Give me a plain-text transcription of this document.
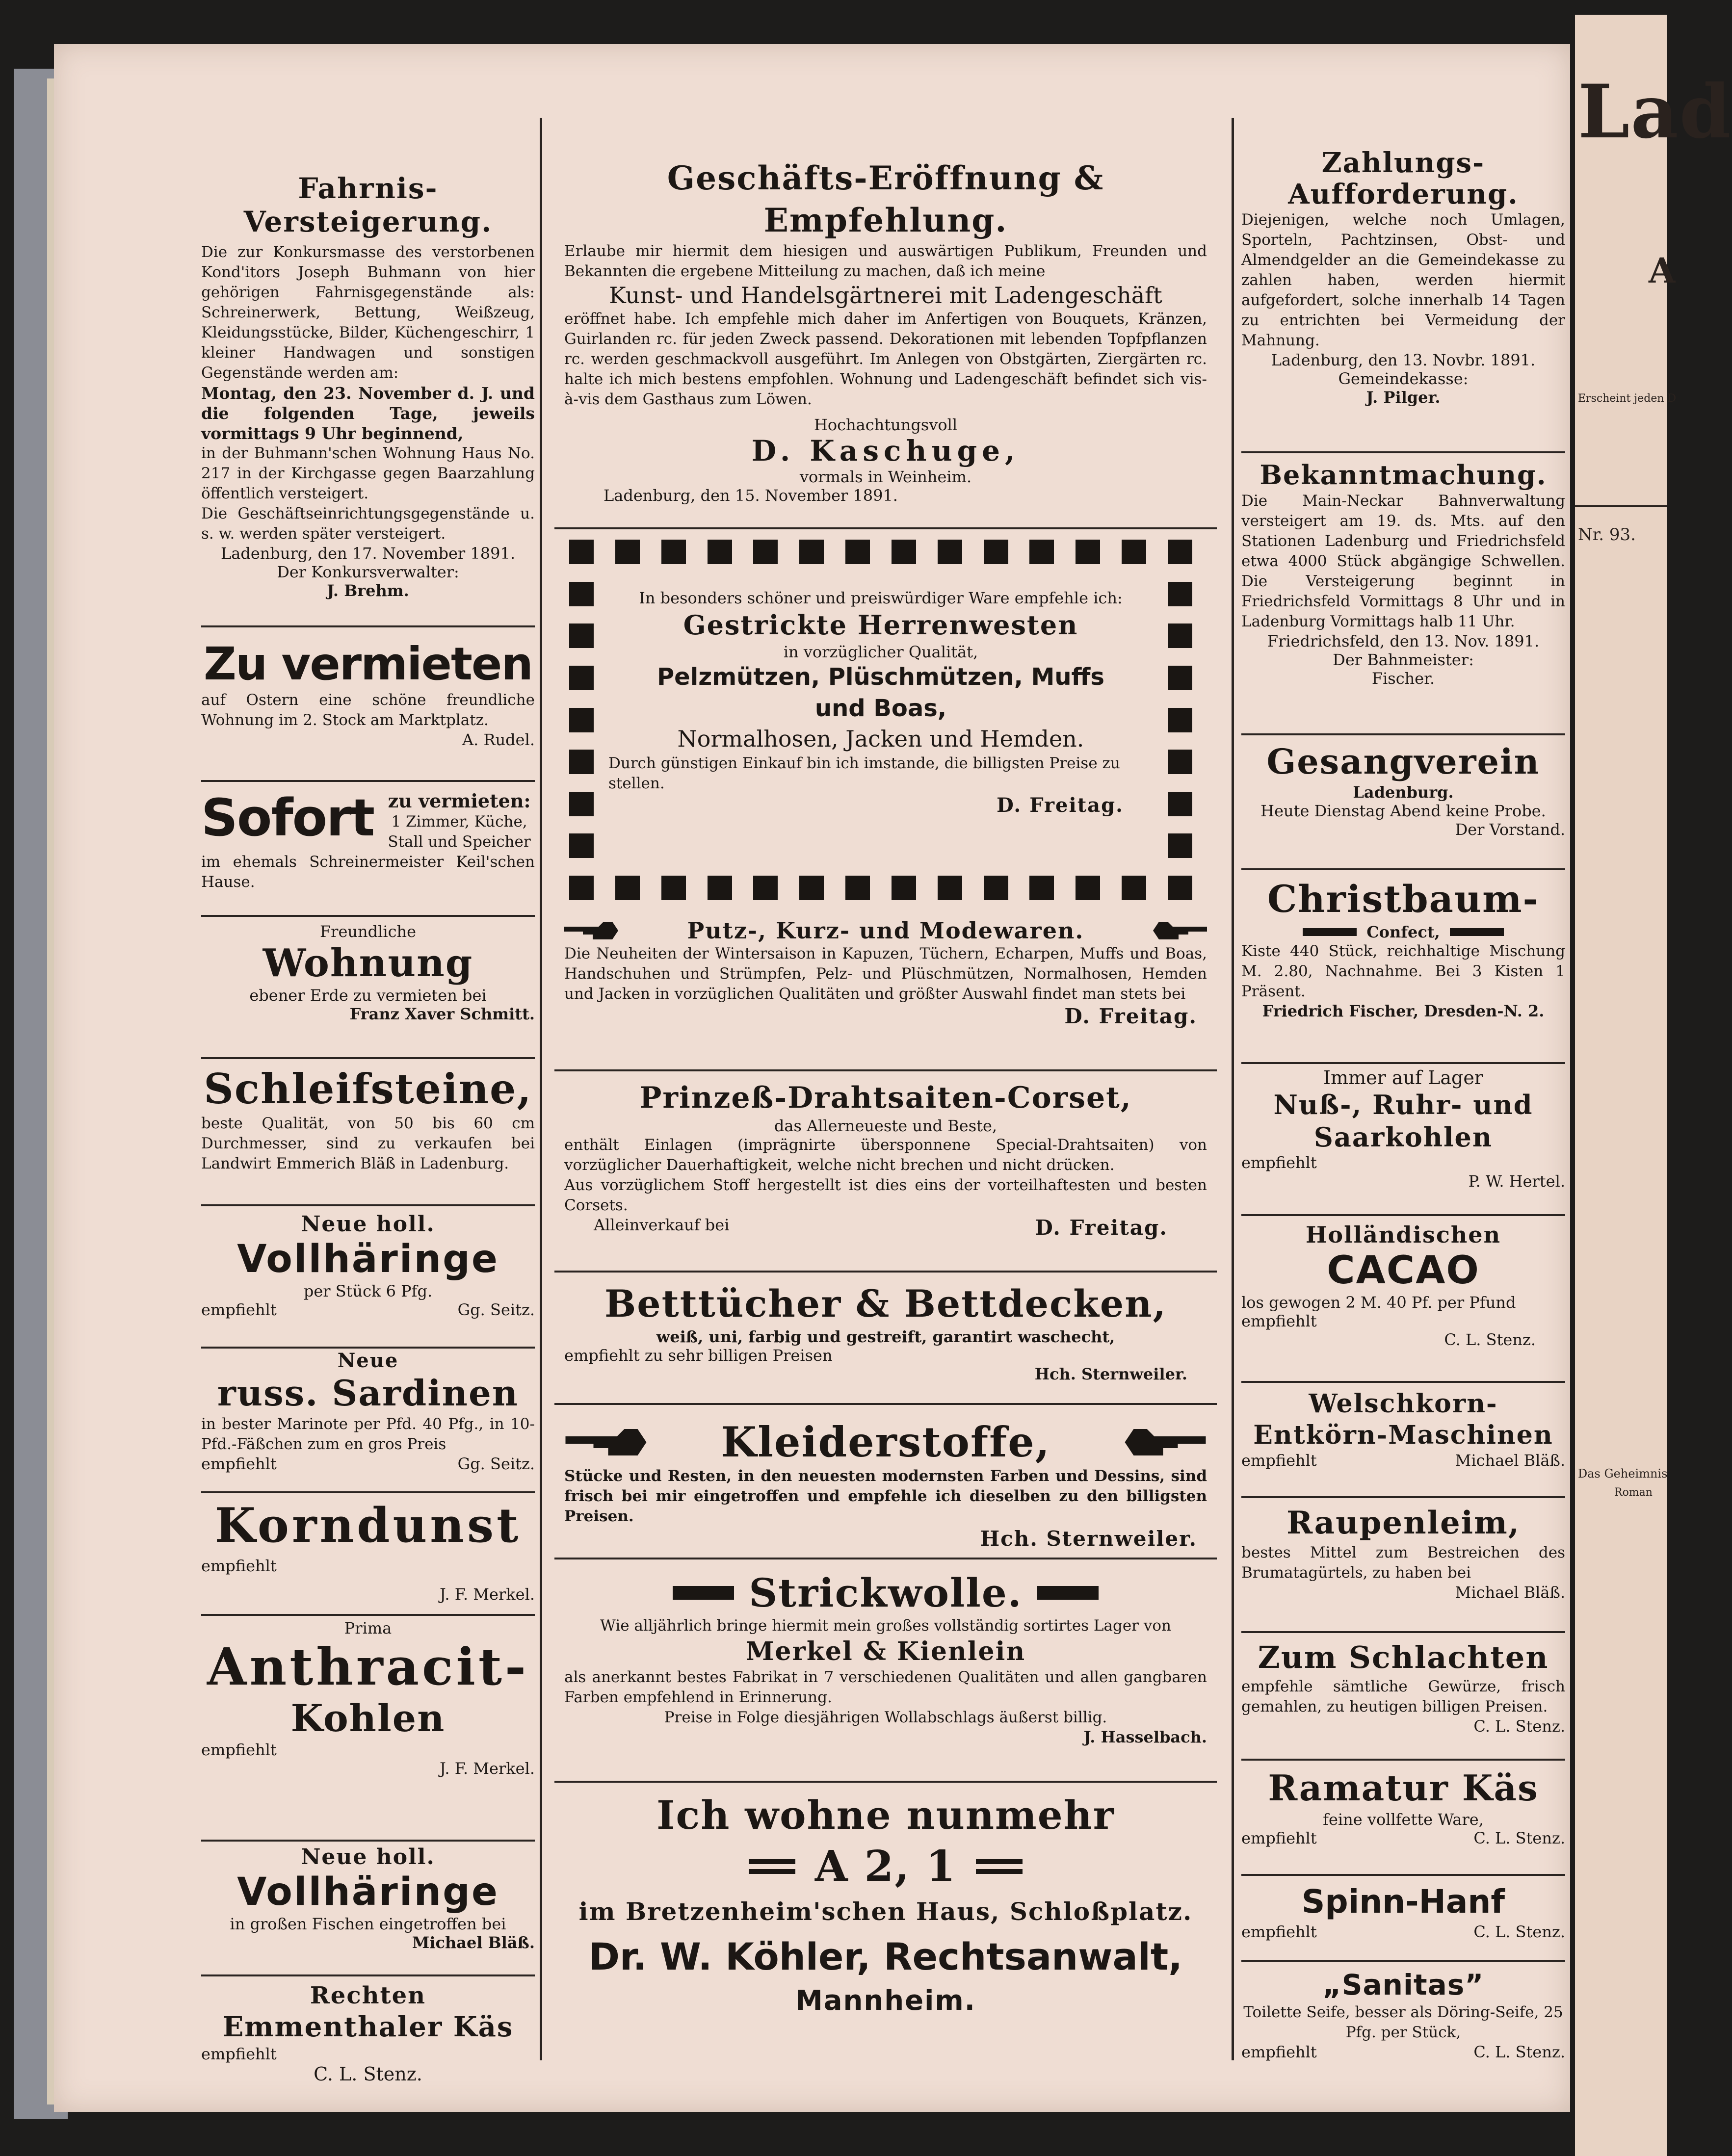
Fahrnis-Versteigerung.

Die zur Konkursmasse des verstorbenen Kond'itors Joseph Buhmann von hier gehörigen Fahrnisgegenstände als: Schreinerwerk, Bettung, Weißzeug, Kleidungsstücke, Bilder, Küchengeschirr, 1 kleiner Handwagen und sonstigen Gegenstände werden am:

Montag, den 23. November d. J. und die folgenden Tage, jeweils vormittags 9 Uhr beginnend,

in der Buhmann'schen Wohnung Haus No. 217 in der Kirchgasse gegen Baarzahlung öffentlich versteigert.

Die Geschäftseinrichtungsgegenstände u. s. w. werden später versteigert.

Ladenburg, den 17. November 1891.

Der Konkursverwalter:

J. Brehm.

Zu vermieten

auf Ostern eine schöne freundliche Wohnung im 2. Stock am Marktplatz.

A. Rudel.

Sofort zu vermieten:

1 Zimmer, Küche, Stall und Speicher

im ehemals Schreinermeister Keil'schen Hause.

Freundliche

Wohnung

ebener Erde zu vermieten bei

Franz Xaver Schmitt.

Schleifsteine,

beste Qualität, von 50 bis 60 cm Durchmesser, sind zu verkaufen bei Landwirt Emmerich Bläß in Ladenburg.

Neue holl.

Vollhäringe

per Stück 6 Pfg.

empfiehlt	Gg. Seitz.

Neue

russ. Sardinen

in bester Marinote per Pfd. 40 Pfg., in 10-Pfd.-Fäßchen zum en gros Preis

empfiehlt	Gg. Seitz.
Korndunst

empfiehlt

J. F. Merkel.

Prima

Anthracit-
Kohlen

empfiehlt

J. F. Merkel.

Neue holl.

Vollhäringe

in großen Fischen eingetroffen bei

Michael Bläß.

Rechten

Emmenthaler Käs

empfiehlt

C. L. Stenz.

Geschäfts-Eröffnung & Empfehlung.

Erlaube mir hiermit dem hiesigen und auswärtigen Publikum, Freunden und Bekannten die ergebene Mitteilung zu machen, daß ich meine

Kunst- und Handelsgärtnerei mit Ladengeschäft

eröffnet habe. Ich empfehle mich daher im Anfertigen von Bouquets, Kränzen, Guirlanden rc. für jeden Zweck passend. Dekorationen mit lebenden Topfpflanzen rc. werden geschmackvoll ausgeführt. Im Anlegen von Obstgärten, Ziergärten rc. halte ich mich bestens empfohlen. Wohnung und Ladengeschäft befindet sich vis-à-vis dem Gasthaus zum Löwen.

Hochachtungsvoll

D. Kaschuge,

vormals in Weinheim.

Ladenburg, den 15. November 1891.

In besonders schöner und preiswürdiger Ware empfehle ich:

Gestrickte Herrenwesten

in vorzüglicher Qualität,

Pelzmützen, Plüschmützen, Muffs

und Boas,

Normalhosen, Jacken und Hemden.

Durch günstigen Einkauf bin ich imstande, die billigsten Preise zu stellen.

D. Freitag.

Putz-, Kurz- und Modewaren.

Die Neuheiten der Wintersaison in Kapuzen, Tüchern, Echarpen, Muffs und Boas, Handschuhen und Strümpfen, Pelz- und Plüschmützen, Normalhosen, Hemden und Jacken in vorzüglichen Qualitäten und größter Auswahl findet man stets bei

D. Freitag.

Prinzeß-Drahtsaiten-Corset,

das Allerneueste und Beste,

enthält Einlagen (imprägnirte übersponnene Special-Drahtsaiten) von vorzüglicher Dauerhaftigkeit, welche nicht brechen und nicht drücken.

Aus vorzüglichem Stoff hergestellt ist dies eins der vorteilhaftesten und besten Corsets.

Alleinverkauf bei	D. Freitag.
Betttücher & Bettdecken,

weiß, uni, farbig und gestreift, garantirt waschecht,

empfiehlt zu sehr billigen Preisen

Hch. Sternweiler.

Kleiderstoffe,

Stücke und Resten, in den neuesten modernsten Farben und Dessins, sind frisch bei mir eingetroffen und empfehle ich dieselben zu den billigsten Preisen.

Hch. Sternweiler.

Strickwolle.

Wie alljährlich bringe hiermit mein großes vollständig sortirtes Lager von

Merkel & Kienlein

als anerkannt bestes Fabrikat in 7 verschiedenen Qualitäten und allen gangbaren Farben empfehlend in Erinnerung.

Preise in Folge diesjährigen Wollabschlags äußerst billig.

J. Hasselbach.

Ich wohne nunmehr
A 2, 1
im Bretzenheim'schen Haus, Schloßplatz.
Dr. W. Köhler, Rechtsanwalt,
Mannheim.
Zahlungs-
Aufforderung.

Diejenigen, welche noch Umlagen, Sporteln, Pachtzinsen, Obst- und Almendgelder an die Gemeindekasse zu zahlen haben, werden hiermit aufgefordert, solche innerhalb 14 Tagen zu entrichten bei Vermeidung der Mahnung.

Ladenburg, den 13. Novbr. 1891.

Gemeindekasse:

J. Pilger.

Bekanntmachung.

Die Main-Neckar Bahnverwaltung versteigert am 19. ds. Mts. auf den Stationen Ladenburg und Friedrichsfeld etwa 4000 Stück abgängige Schwellen. Die Versteigerung beginnt in Friedrichsfeld Vormittags 8 Uhr und in Ladenburg Vormittags halb 11 Uhr.

Friedrichsfeld, den 13. Nov. 1891.

Der Bahnmeister:

Fischer.

Gesangverein

Ladenburg.

Heute Dienstag Abend keine Probe.

Der Vorstand.

Christbaum-
Confect,

Kiste 440 Stück, reichhaltige Mischung M. 2.80, Nachnahme. Bei 3 Kisten 1 Präsent.

Friedrich Fischer, Dresden-N. 2.

Immer auf Lager

Nuß-, Ruhr- und
Saarkohlen

empfiehlt

P. W. Hertel.

Holländischen

CACAO

los gewogen 2 M. 40 Pf. per Pfund

empfiehlt

C. L. Stenz.

Welschkorn-
Entkörn-Maschinen
empfiehlt	Michael Bläß.
Raupenleim,

bestes Mittel zum Bestreichen des Brumatagürtels, zu haben bei

Michael Bläß.

Zum Schlachten

empfehle sämtliche Gewürze, frisch gemahlen, zu heutigen billigen Preisen.

C. L. Stenz.

Ramatur Käs

feine vollfette Ware,

empfiehlt	C. L. Stenz.
Spinn-Hanf
empfiehlt	C. L. Stenz.
„Sanitas”

Toilette Seife, besser als Döring-Seife, 25 Pfg. per Stück,

empfiehlt	C. L. Stenz.
Lad
A
Erscheint jeden D
Nr. 93.
Das Geheimnis
Roman
